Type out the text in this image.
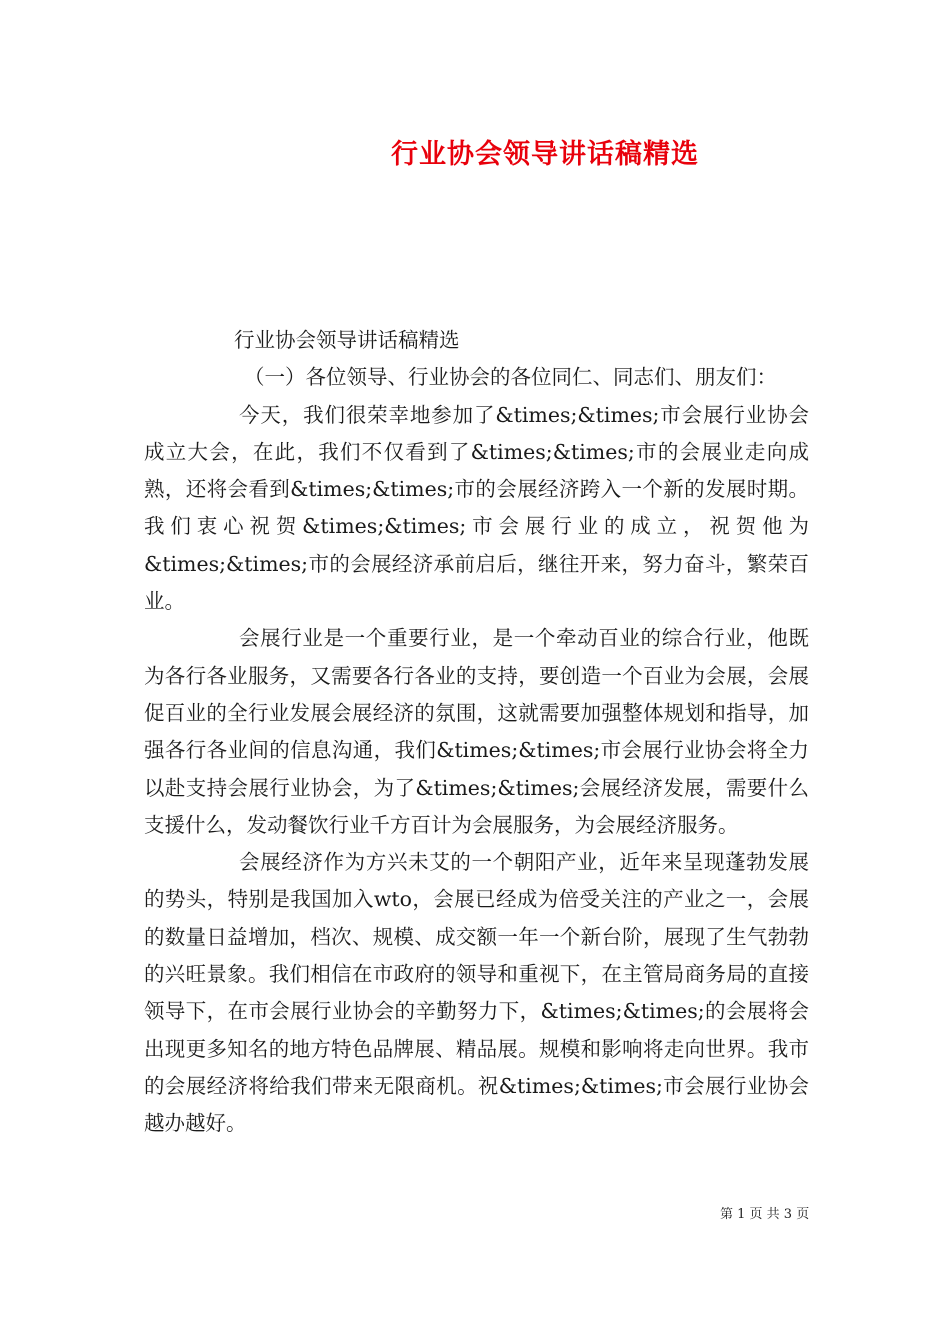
行业协会领导讲话稿精选

行业协会领导讲话稿精选

（一）各位领导、行业协会的各位同仁、同志们、朋友们：

今天，我们很荣幸地参加了&times;&times;市会展行业协会成立大会，在此，我们不仅看到了&times;&times;市的会展业走向成熟，还将会看到&times;&times;市的会展经济跨入一个新的发展时期。我们衷心祝贺&times;&times;市会展行业的成立，祝贺他为&times;&times;市的会展经济承前启后，继往开来，努力奋斗，繁荣百业。

会展行业是一个重要行业，是一个牵动百业的综合行业，他既为各行各业服务，又需要各行各业的支持，要创造一个百业为会展，会展促百业的全行业发展会展经济的氛围，这就需要加强整体规划和指导，加强各行各业间的信息沟通，我们&times;&times;市会展行业协会将全力以赴支持会展行业协会，为了&times;&times;会展经济发展，需要什么支援什么，发动餐饮行业千方百计为会展服务，为会展经济服务。

会展经济作为方兴未艾的一个朝阳产业，近年来呈现蓬勃发展的势头，特别是我国加入wto，会展已经成为倍受关注的产业之一，会展的数量日益增加，档次、规模、成交额一年一个新台阶，展现了生气勃勃的兴旺景象。我们相信在市政府的领导和重视下，在主管局商务局的直接领导下，在市会展行业协会的辛勤努力下，&times;&times;的会展将会出现更多知名的地方特色品牌展、精品展。规模和影响将走向世界。我市的会展经济将给我们带来无限商机。祝&times;&times;市会展行业协会越办越好。

第 1 页 共 3 页
